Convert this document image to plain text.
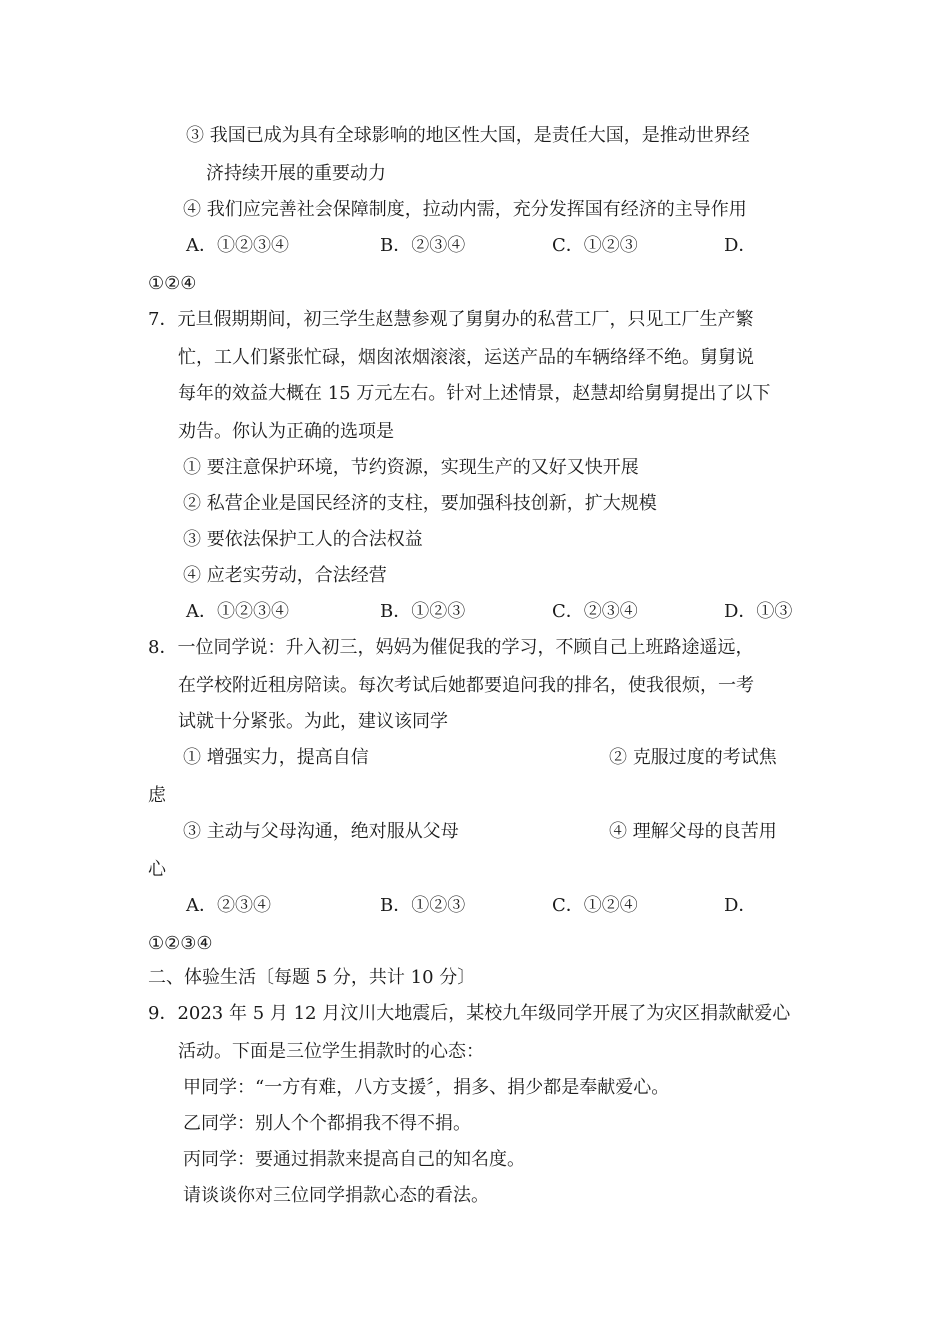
③ 我国已成为具有全球影响的地区性大国，是责任大国，是推动世界经
济持续开展的重要动力
④ 我们应完善社会保障制度，拉动内需，充分发挥国有经济的主导作用
A．①②③④	B．②③④	C．①②③	D．
①②④
7．元旦假期期间，初三学生赵慧参观了舅舅办的私营工厂，只见工厂生产繁
忙，工人们紧张忙碌，烟囱浓烟滚滚，运送产品的车辆络绎不绝。舅舅说
每年的效益大概在 15 万元左右。针对上述情景，赵慧却给舅舅提出了以下
劝告。你认为正确的选项是
① 要注意保护环境，节约资源，实现生产的又好又快开展
② 私营企业是国民经济的支柱，要加强科技创新，扩大规模
③ 要依法保护工人的合法权益
④ 应老实劳动，合法经营
A．①②③④	B．①②③	C．②③④	D．①③
8．一位同学说：升入初三，妈妈为催促我的学习，不顾自己上班路途遥远，
在学校附近租房陪读。每次考试后她都要追问我的排名，使我很烦，一考
试就十分紧张。为此，建议该同学
① 增强实力，提高自信	② 克服过度的考试焦
虑
③ 主动与父母沟通，绝对服从父母	④ 理解父母的良苦用
心
A．②③④	B．①②③	C．①②④	D．
①②③④
二、体验生活〔每题 5 分，共计 10 分〕
9．2023 年 5 月 12 月汶川大地震后，某校九年级同学开展了为灾区捐款献爱心
活动。下面是三位学生捐款时的心态：
甲同学：“一方有难，八方支援〞，捐多、捐少都是奉献爱心。
乙同学：别人个个都捐我不得不捐。
丙同学：要通过捐款来提高自己的知名度。
请谈谈你对三位同学捐款心态的看法。
